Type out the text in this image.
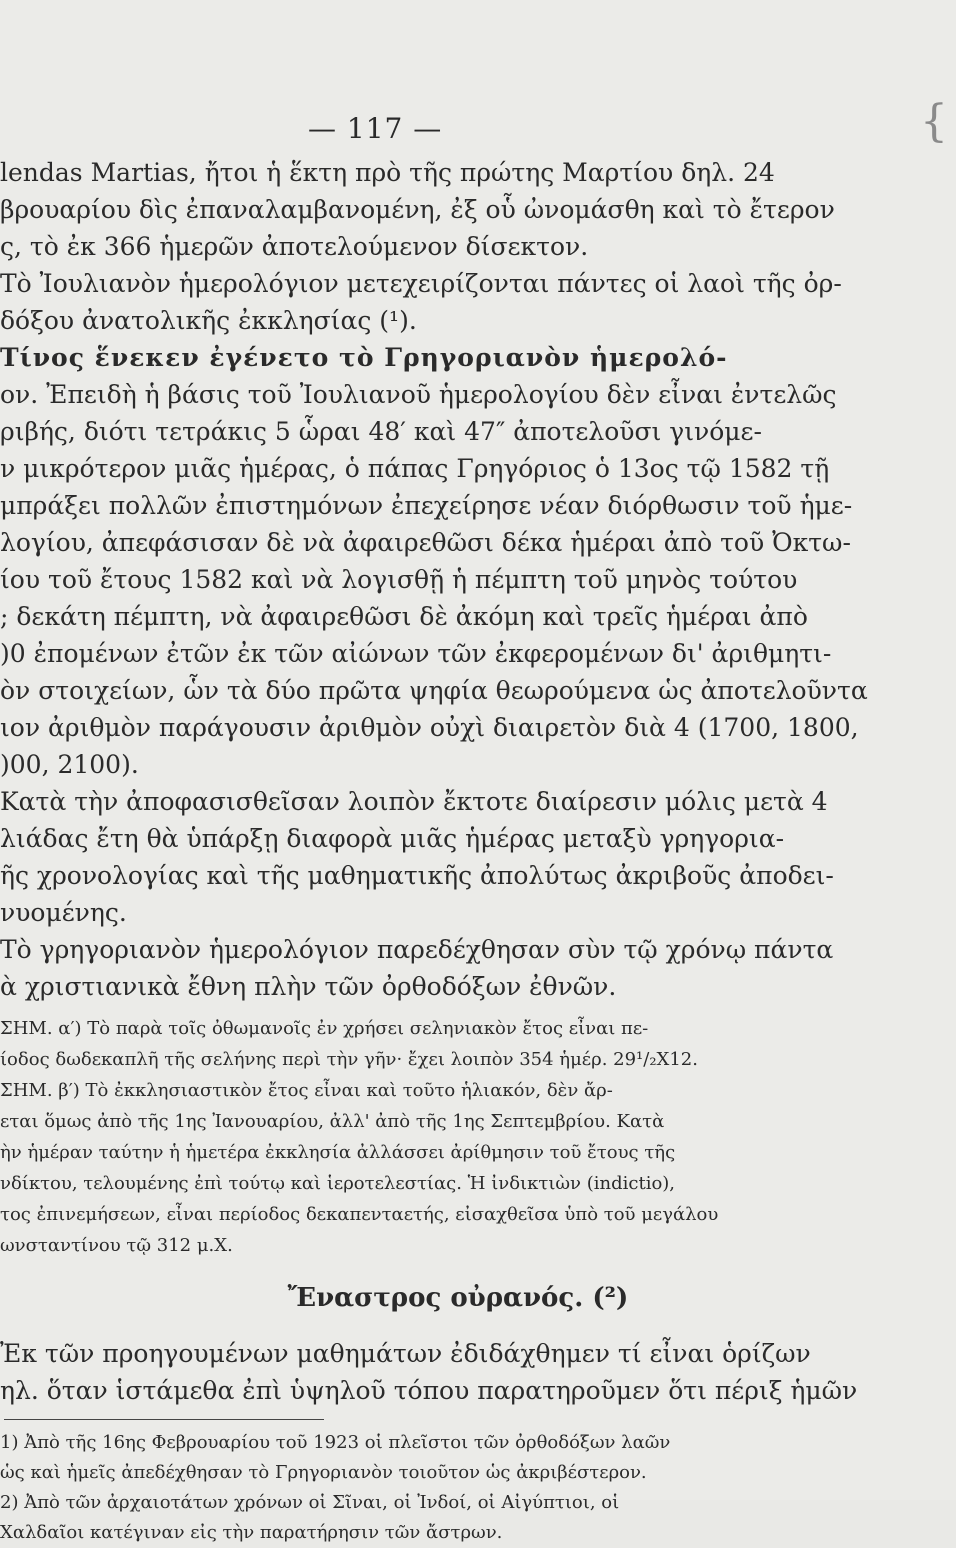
{
— 117 —
lendas Martias, ἤτοι ἡ ἕκτη πρὸ τῆς πρώτης Μαρτίου δηλ. 24
βρουαρίου δὶς ἐπαναλαμβανομένη, ἐξ οὗ ὠνομάσθη καὶ τὸ ἔτερον
ς, τὸ ἐκ 366 ἡμερῶν ἀποτελούμενον δίσεκτον.
Τὸ Ἰουλιανὸν ἡμερολόγιον μετεχειρίζονται πάντες οἱ λαοὶ τῆς ὀρ-
δόξου ἀνατολικῆς ἐκκλησίας (¹).
Τίνος ἕνεκεν ἐγένετο τὸ Γρηγοριανὸν ἡμερολό-
ον. Ἐπειδὴ ἡ βάσις τοῦ Ἰουλιανοῦ ἡμερολογίου δὲν εἶναι ἐντελῶς
ριβής, διότι τετράκις 5 ὧραι 48′ καὶ 47″ ἀποτελοῦσι γινόμε-
ν μικρότερον μιᾶς ἡμέρας, ὁ πάπας Γρηγόριος ὁ 13ος τῷ 1582 τῇ
μπράξει πολλῶν ἐπιστημόνων ἐπεχείρησε νέαν διόρθωσιν τοῦ ἡμε-
λογίου, ἀπεφάσισαν δὲ νὰ ἀφαιρεθῶσι δέκα ἡμέραι ἀπὸ τοῦ Ὀκτω-
ίου τοῦ ἔτους 1582 καὶ νὰ λογισθῇ ἡ πέμπτη τοῦ μηνὸς τούτου
; δεκάτη πέμπτη, νὰ ἀφαιρεθῶσι δὲ ἀκόμη καὶ τρεῖς ἡμέραι ἀπὸ
)0 ἐπομένων ἐτῶν ἐκ τῶν αἰώνων τῶν ἐκφερομένων δι' ἀριθμητι-
ὸν στοιχείων, ὧν τὰ δύο πρῶτα ψηφία θεωρούμενα ὡς ἀποτελοῦντα
ιον ἀριθμὸν παράγουσιν ἀριθμὸν οὐχὶ διαιρετὸν διὰ 4 (1700, 1800,
)00, 2100).
Κατὰ τὴν ἀποφασισθεῖσαν λοιπὸν ἔκτοτε διαίρεσιν μόλις μετὰ 4
λιάδας ἔτη θὰ ὑπάρξῃ διαφορὰ μιᾶς ἡμέρας μεταξὺ γρηγορια-
ῆς χρονολογίας καὶ τῆς μαθηματικῆς ἀπολύτως ἀκριβοῦς ἀποδει-
νυομένης.
Τὸ γρηγοριανὸν ἡμερολόγιον παρεδέχθησαν σὺν τῷ χρόνῳ πάντα
ὰ χριστιανικὰ ἔθνη πλὴν τῶν ὀρθοδόξων ἐθνῶν.
ΣΗΜ. α′) Τὸ παρὰ τοῖς ὀθωμανοῖς ἐν χρήσει σεληνιακὸν ἔτος εἶναι πε-
ίοδος δωδεκαπλῆ τῆς σελήνης περὶ τὴν γῆν· ἔχει λοιπὸν 354 ἡμέρ. 29¹/₂X12.
ΣΗΜ. β′) Τὸ ἐκκλησιαστικὸν ἔτος εἶναι καὶ τοῦτο ἡλιακόν, δὲν ἄρ-
εται ὅμως ἀπὸ τῆς 1ης Ἰανουαρίου, ἀλλ' ἀπὸ τῆς 1ης Σεπτεμβρίου. Κατὰ
ὴν ἡμέραν ταύτην ἡ ἡμετέρα ἐκκλησία ἀλλάσσει ἀρίθμησιν τοῦ ἔτους τῆς
νδίκτου, τελουμένης ἐπὶ τούτῳ καὶ ἱεροτελεστίας. Ἡ ἰνδικτιὼν (indictio),
τος ἐπινεμήσεων, εἶναι περίοδος δεκαπενταετής, εἰσαχθεῖσα ὑπὸ τοῦ μεγάλου
ωνσταντίνου τῷ 312 μ.Χ.
Ἔναστρος οὐρανός. (²)
Ἐκ τῶν προηγουμένων μαθημάτων ἐδιδάχθημεν τί εἶναι ὁρίζων
ηλ. ὅταν ἱστάμεθα ἐπὶ ὑψηλοῦ τόπου παρατηροῦμεν ὅτι πέριξ ἡμῶν
1) Ἀπὸ τῆς 16ης Φεβρουαρίου τοῦ 1923 οἱ πλεῖστοι τῶν ὀρθοδόξων λαῶν
ὡς καὶ ἡμεῖς ἀπεδέχθησαν τὸ Γρηγοριανὸν τοιοῦτον ὡς ἀκριβέστερον.
2) Ἀπὸ τῶν ἀρχαιοτάτων χρόνων οἱ Σῖναι, οἱ Ἰνδοί, οἱ Αἰγύπτιοι, οἱ
Χαλδαῖοι κατέγιναν εἰς τὴν παρατήρησιν τῶν ἄστρων.
